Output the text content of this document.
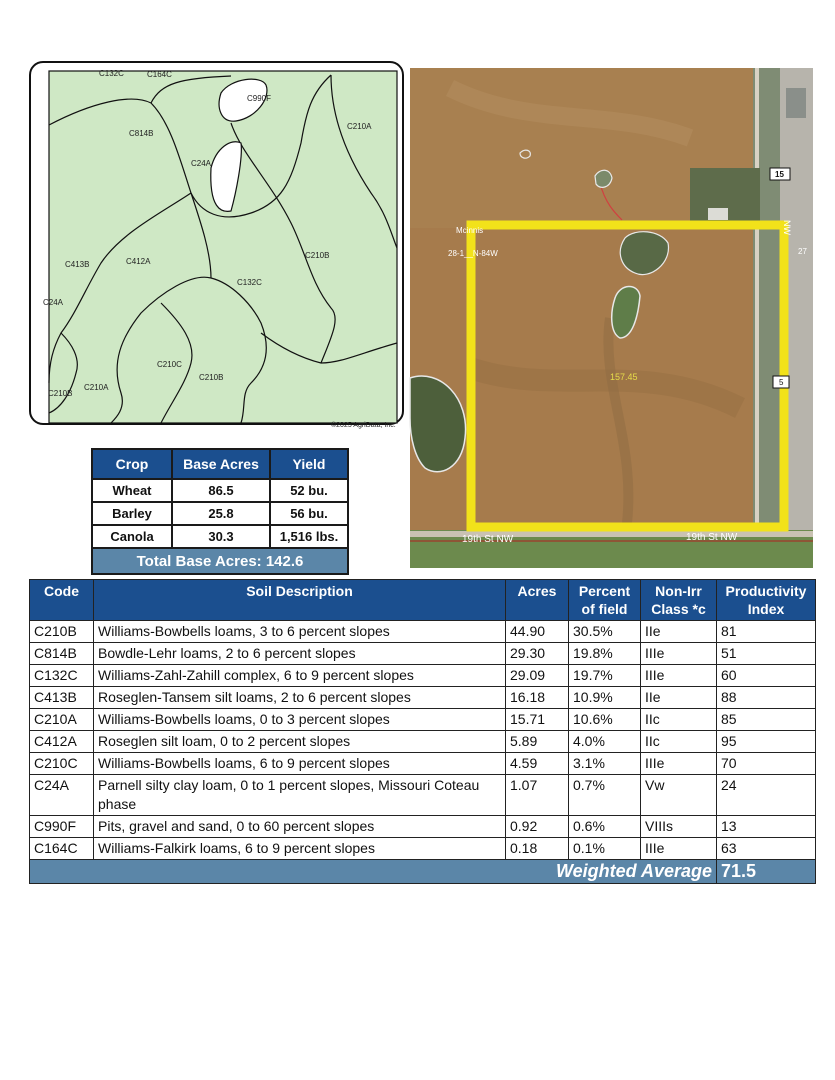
C132C	C164C
C990F
C814B
C210A
C24A
C413B	C412A
C210B
C132C
C24A
C210C
C210B
C210A
C210B
©2025 AgriData, Inc.
15
5
Mcinnis
28-1__N-84W
157.45
19th St NW	19th St NW
NW
27
Crop	Base Acres	Yield
Wheat	86.5	52 bu.
Barley	25.8	56 bu.
Canola	30.3	1,516 lbs.
Total Base Acres: 142.6		
Code	Soil Description	Acres	Percent of field	Non-Irr Class *c	Productivity Index
C210B	Williams-Bowbells loams, 3 to 6 percent slopes	44.90	30.5%	IIe	81
C814B	Bowdle-Lehr loams, 2 to 6 percent slopes	29.30	19.8%	IIIe	51
C132C	Williams-Zahl-Zahill complex, 6 to 9 percent slopes	29.09	19.7%	IIIe	60
C413B	Roseglen-Tansem silt loams, 2 to 6 percent slopes	16.18	10.9%	IIe	88
C210A	Williams-Bowbells loams, 0 to 3 percent slopes	15.71	10.6%	IIc	85
C412A	Roseglen silt loam, 0 to 2 percent slopes	5.89	4.0%	IIc	95
C210C	Williams-Bowbells loams, 6 to 9 percent slopes	4.59	3.1%	IIIe	70
C24A	Parnell silty clay loam, 0 to 1 percent slopes, Missouri Coteau phase	1.07	0.7%	Vw	24
C990F	Pits, gravel and sand, 0 to 60 percent slopes	0.92	0.6%	VIIIs	13
C164C	Williams-Falkirk loams, 6 to 9 percent slopes	0.18	0.1%	IIIe	63
Weighted Average					71.5
